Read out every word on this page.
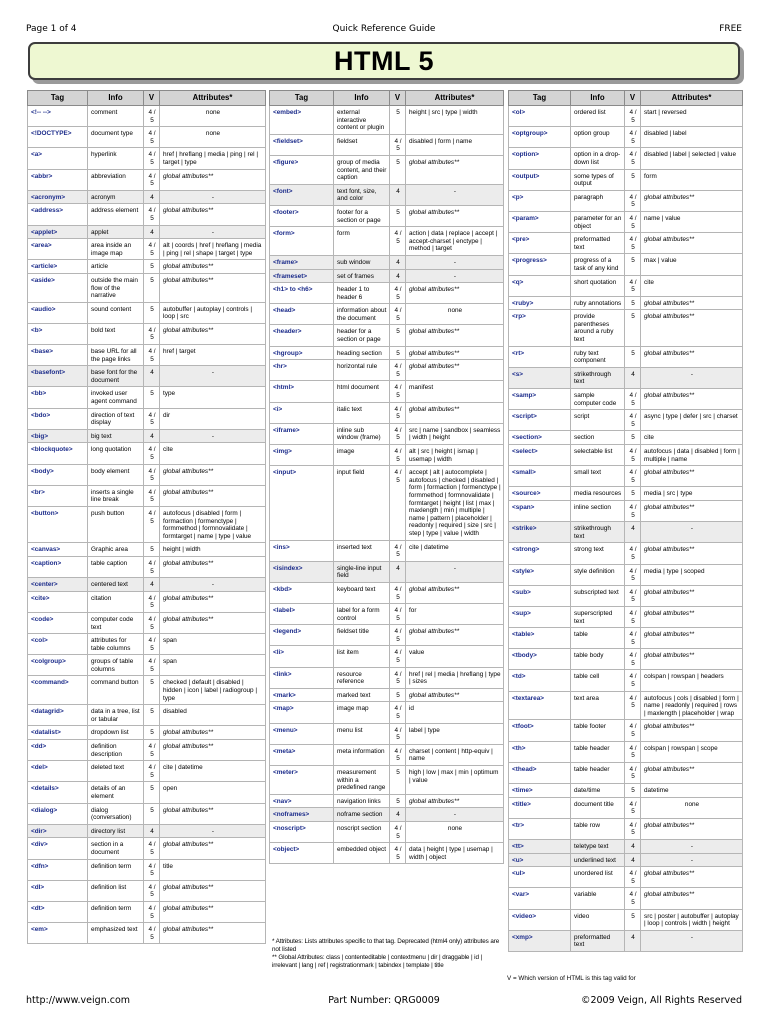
Page 1 of 4	Quick Reference Guide	FREE
HTML 5
Tag	Info	V	Attributes*
<!-- -->	comment	4 / 5	none
<!DOCTYPE>	document type	4 / 5	none
<a>	hyperlink	4 / 5	href | hreflang | media | ping | rel | target | type
<abbr>	abbreviation	4 / 5	global attributes**
<acronym>	acronym	4	-
<address>	address element	4 / 5	global attributes**
<applet>	applet	4	-
<area>	area inside an image map	4 / 5	alt | coords | href | hreflang | media | ping | rel | shape | target | type
<article>	article	5	global attributes**
<aside>	outside the main flow of the narrative	5	global attributes**
<audio>	sound content	5	autobuffer | autoplay | controls | loop | src
<b>	bold text	4 / 5	global attributes**
<base>	base URL for all the page links	4 / 5	href | target
<basefont>	base font for the document	4	-
<bb>	invoked user agent command	5	type
<bdo>	direction of text display	4 / 5	dir
<big>	big text	4	-
<blockquote>	long quotation	4 / 5	cite
<body>	body element	4 / 5	global attributes**
<br>	inserts a single line break	4 / 5	global attributes**
<button>	push button	4 / 5	autofocus | disabled | form | formaction | formenctype | formmethod | formnovalidate | formtarget | name | type | value
<canvas>	Graphic area	5	height | width
<caption>	table caption	4 / 5	global attributes**
<center>	centered text	4	-
<cite>	citation	4 / 5	global attributes**
<code>	computer code text	4 / 5	global attributes**
<col>	attributes for table columns	4 / 5	span
<colgroup>	groups of table columns	4 / 5	span
<command>	command button	5	checked | default | disabled | hidden | icon | label | radiogroup | type
<datagrid>	data in a tree, list or tabular	5	disabled
<datalist>	dropdown list	5	global attributes**
<dd>	definition description	4 / 5	global attributes**
<del>	deleted text	4 / 5	cite | datetime
<details>	details of an element	5	open
<dialog>	dialog (conversation)	5	global attributes**
<dir>	directory list	4	-
<div>	section in a document	4 / 5	global attributes**
<dfn>	definition term	4 / 5	title
<dl>	definition list	4 / 5	global attributes**
<dt>	definition term	4 / 5	global attributes**
<em>	emphasized text	4 / 5	global attributes**
Tag	Info	V	Attributes*
<embed>	external interactive content or plugin	5	height | src | type | width
<fieldset>	fieldset	4 / 5	disabled | form | name
<figure>	group of media content, and their caption	5	global attributes**
<font>	text font, size, and color	4	-
<footer>	footer for a section or page	5	global attributes**
<form>	form	4 / 5	action | data | replace | accept | accept-charset | enctype | method | target
<frame>	sub window	4	-
<frameset>	set of frames	4	-
<h1> to <h6>	header 1 to header 6	4 / 5	global attributes**
<head>	information about the document	4 / 5	none
<header>	header for a section or page	5	global attributes**
<hgroup>	heading section	5	global attributes**
<hr>	horizontal rule	4 / 5	global attributes**
<html>	html document	4 / 5	manifest
<i>	italic text	4 / 5	global attributes**
<iframe>	inline sub window (frame)	4 / 5	src | name | sandbox | seamless | width | height
<img>	image	4 / 5	alt | src | height | ismap | usemap | width
<input>	input field	4 / 5	accept | alt | autocomplete | autofocus | checked | disabled | form | formaction | formenctype | formmethod | formnovalidate | formtarget | height | list | max | maxlength | min | multiple | name | pattern | placeholder | readonly | required | size | src | step | type | value | width
<ins>	inserted text	4 / 5	cite | datetime
<isindex>	single-line input field	4	-
<kbd>	keyboard text	4 / 5	global attributes**
<label>	label for a form control	4 / 5	for
<legend>	fieldset title	4 / 5	global attributes**
<li>	list item	4 / 5	value
<link>	resource reference	4 / 5	href | rel | media | hreflang | type | sizes
<mark>	marked text	5	global attributes**
<map>	image map	4 / 5	id
<menu>	menu list	4 / 5	label | type
<meta>	meta information	4 / 5	charset | content | http-equiv | name
<meter>	measurement within a predefined range	5	high | low | max | min | optimum | value
<nav>	navigation links	5	global attributes**
<noframes>	noframe section	4	-
<noscript>	noscript section	4 / 5	none
<object>	embedded object	4 / 5	data | height | type | usemap | width | object
Tag	Info	V	Attributes*
<ol>	ordered list	4 / 5	start | reversed
<optgroup>	option group	4 / 5	disabled | label
<option>	option in a drop-down list	4 / 5	disabled | label | selected | value
<output>	some types of output	5	form
<p>	paragraph	4 / 5	global attributes**
<param>	parameter for an object	4 / 5	name | value
<pre>	preformatted text	4 / 5	global attributes**
<progress>	progress of a task of any kind	5	max | value
<q>	short quotation	4 / 5	cite
<ruby>	ruby annotations	5	global attributes**
<rp>	provide parentheses around a ruby text	5	global attributes**
<rt>	ruby text component	5	global attributes**
<s>	strikethrough text	4	-
<samp>	sample computer code	4 / 5	global attributes**
<script>	script	4 / 5	async | type | defer | src | charset
<section>	section	5	cite
<select>	selectable list	4 / 5	autofocus | data | disabled | form | multiple | name
<small>	small text	4 / 5	global attributes**
<source>	media resources	5	media | src | type
<span>	inline section	4 / 5	global attributes**
<strike>	strikethrough text	4	-
<strong>	strong text	4 / 5	global attributes**
<style>	style definition	4 / 5	media | type | scoped
<sub>	subscripted text	4 / 5	global attributes**
<sup>	superscripted text	4 / 5	global attributes**
<table>	table	4 / 5	global attributes**
<tbody>	table body	4 / 5	global attributes**
<td>	table cell	4 / 5	colspan | rowspan | headers
<textarea>	text area	4 / 5	autofocus | cols | disabled | form | name | readonly | required | rows | maxlength | placeholder | wrap
<tfoot>	table footer	4 / 5	global attributes**
<th>	table header	4 / 5	colspan | rowspan | scope
<thead>	table header	4 / 5	global attributes**
<time>	date/time	5	datetime
<title>	document title	4 / 5	none
<tr>	table row	4 / 5	global attributes**
<tt>	teletype text	4	-
<u>	underlined text	4	-
<ul>	unordered list	4 / 5	global attributes**
<var>	variable	4 / 5	global attributes**
<video>	video	5	src | poster | autobuffer | autoplay | loop | controls | width | height
<xmp>	preformatted text	4	-
* Attributes: Lists attributes specific to that tag. Deprecated (html4 only) attributes are not listed
** Global Attributes: class | contenteditable | contextmenu | dir | draggable | id | irrelevant | lang | ref | registrationmark | tabindex | template | title
V = Which version of HTML is this tag valid for
http://www.veign.com	Part Number: QRG0009	©2009 Veign, All Rights Reserved
